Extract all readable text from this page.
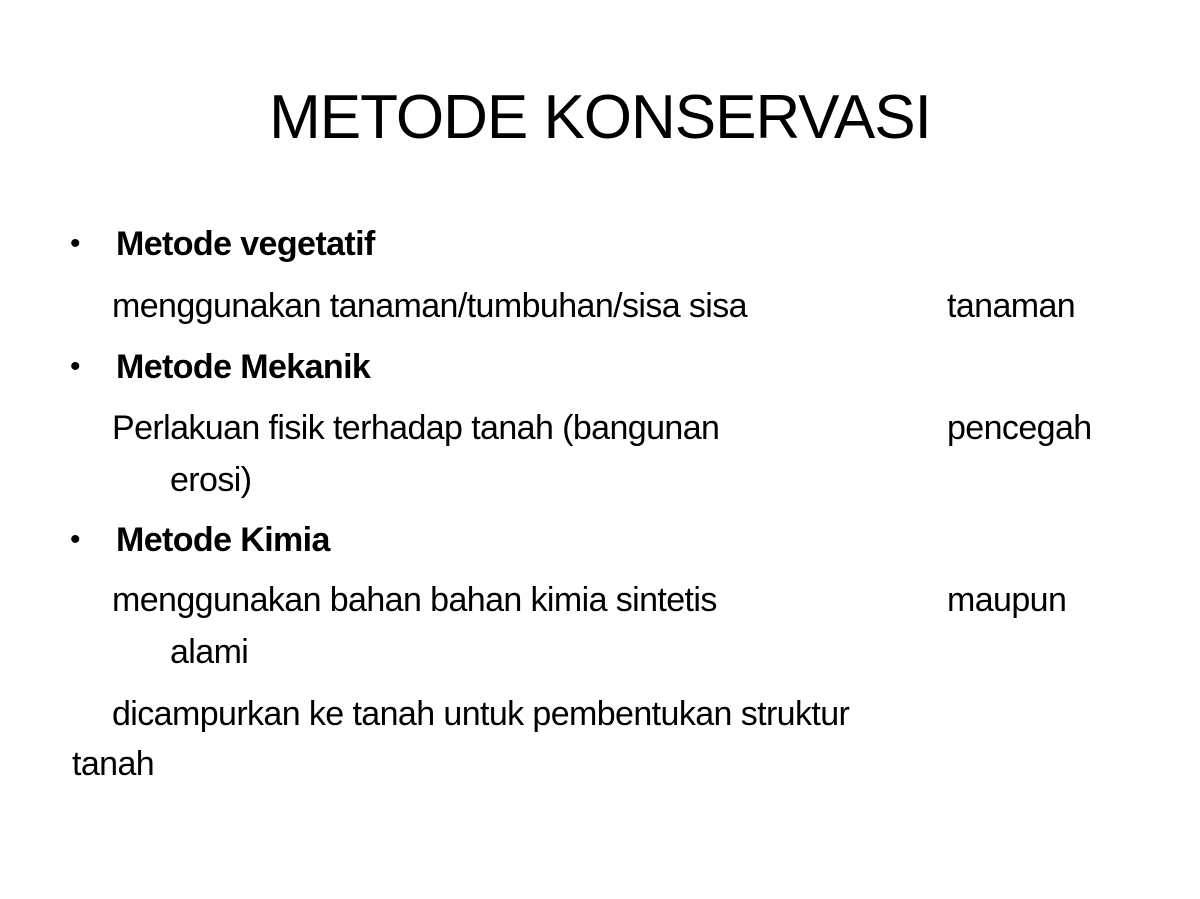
METODE KONSERVASI
• Metode vegetatif
menggunakan tanaman/tumbuhan/sisa sisa	tanaman
• Metode Mekanik
Perlakuan fisik terhadap tanah (bangunan	pencegah
erosi)
• Metode Kimia
menggunakan bahan bahan kimia sintetis	maupun
alami
dicampurkan ke tanah untuk pembentukan struktur
tanah
